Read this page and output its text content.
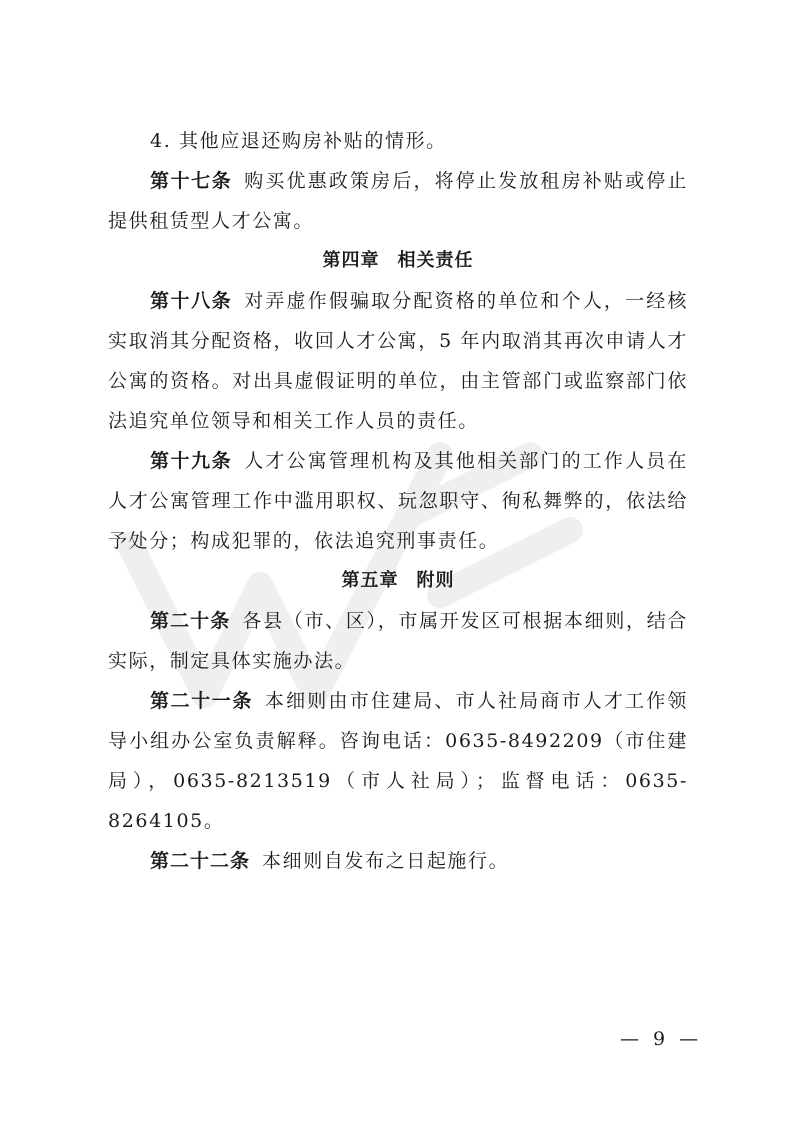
4. 其他应退还购房补贴的情形。

第十七条 购买优惠政策房后，将停止发放租房补贴或停止提供租赁型人才公寓。

第四章 相关责任

第十八条 对弄虚作假骗取分配资格的单位和个人，一经核实取消其分配资格，收回人才公寓，5 年内取消其再次申请人才公寓的资格。对出具虚假证明的单位，由主管部门或监察部门依法追究单位领导和相关工作人员的责任。

第十九条 人才公寓管理机构及其他相关部门的工作人员在人才公寓管理工作中滥用职权、玩忽职守、徇私舞弊的，依法给予处分；构成犯罪的，依法追究刑事责任。

第五章 附则

第二十条 各县（市、区），市属开发区可根据本细则，结合实际，制定具体实施办法。

第二十一条 本细则由市住建局、市人社局商市人才工作领导小组办公室负责解释。咨询电话：0635-8492209（市住建局），0635-8213519（市人社局）；监督电话：0635-8264105。

第二十二条 本细则自发布之日起施行。

— 9 —
